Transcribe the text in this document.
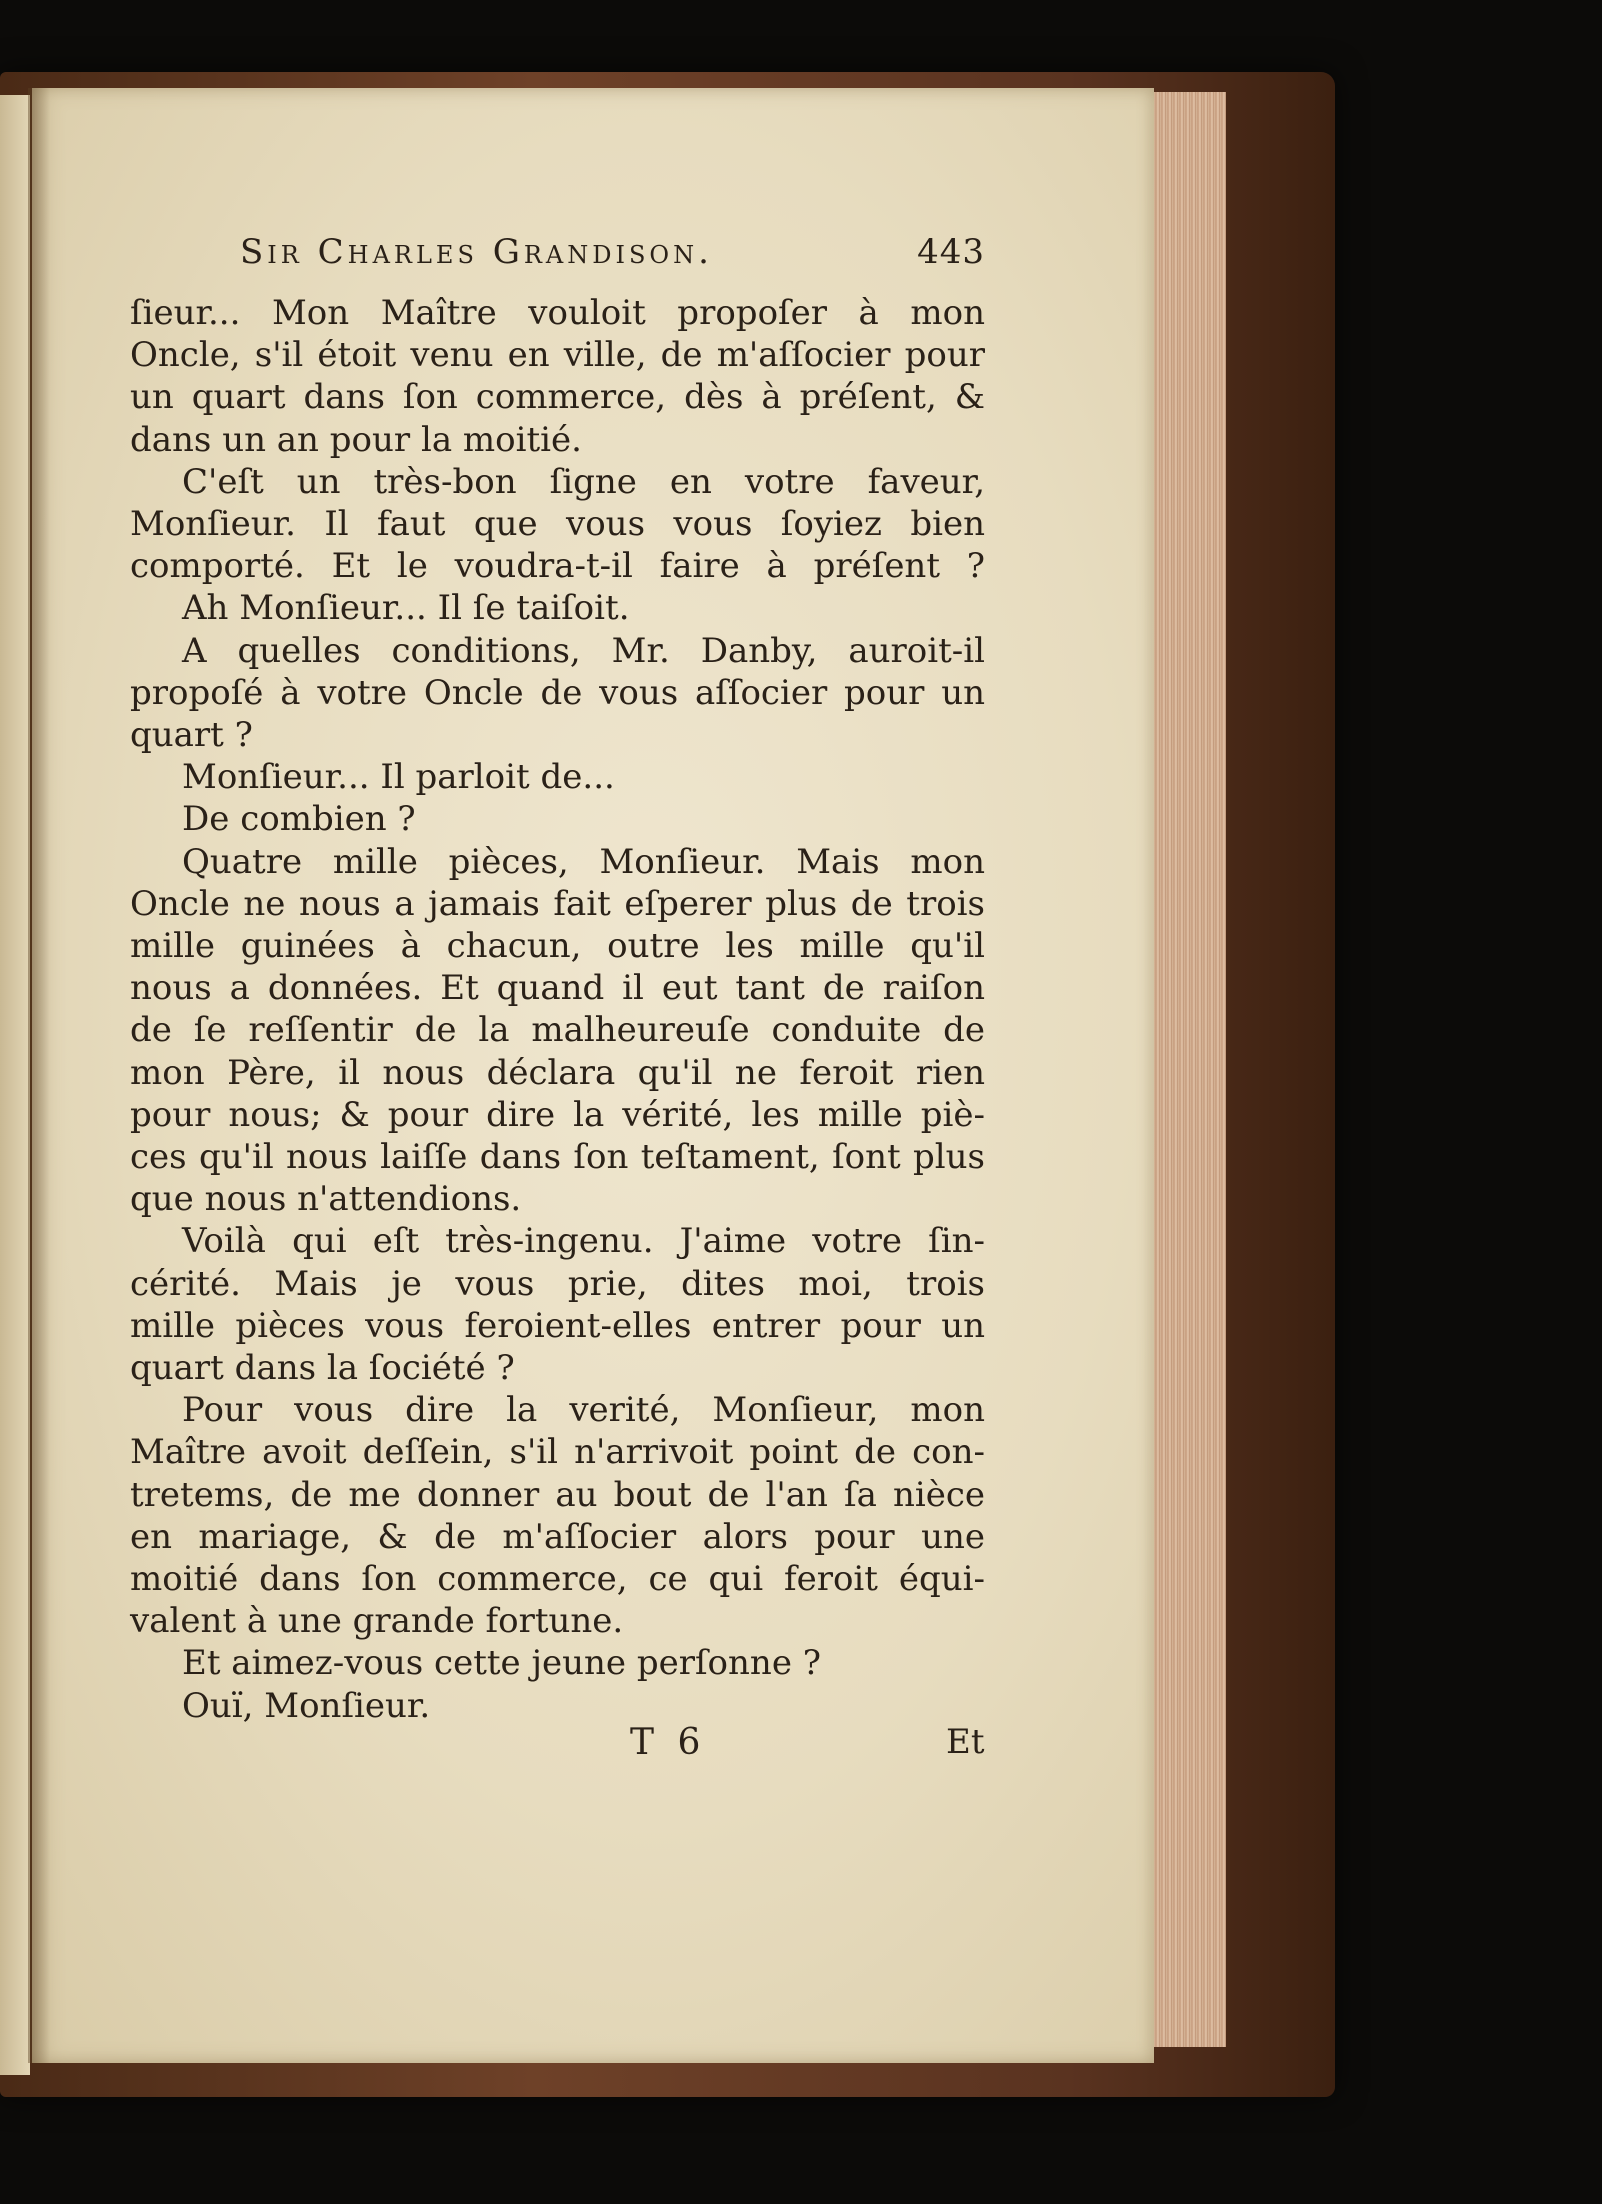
Sir Charles Grandison.	443
ſieur... Mon Maître vouloit propoſer à mon
Oncle, s'il étoit venu en ville, de m'aſſocier pour
un quart dans ſon commerce, dès à préſent, &
dans un an pour la moitié.
C'eſt un très-bon ſigne en votre faveur,
Monſieur. Il faut que vous vous ſoyiez bien
comporté. Et le voudra-t-il faire à préſent ?
Ah Monſieur... Il ſe taiſoit.
A quelles conditions, Mr. Danby, auroit-il
propoſé à votre Oncle de vous aſſocier pour un
quart ?
Monſieur... Il parloit de...
De combien ?
Quatre mille pièces, Monſieur. Mais mon
Oncle ne nous a jamais fait eſperer plus de trois
mille guinées à chacun, outre les mille qu'il
nous a données. Et quand il eut tant de raiſon
de ſe reſſentir de la malheureuſe conduite de
mon Père, il nous déclara qu'il ne feroit rien
pour nous; & pour dire la vérité, les mille piè-
ces qu'il nous laiſſe dans ſon teſtament, ſont plus
que nous n'attendions.
Voilà qui eſt très-ingenu. J'aime votre ſin-
cérité. Mais je vous prie, dites moi, trois
mille pièces vous feroient-elles entrer pour un
quart dans la ſociété ?
Pour vous dire la verité, Monſieur, mon
Maître avoit deſſein, s'il n'arrivoit point de con-
tretems, de me donner au bout de l'an ſa nièce
en mariage, & de m'aſſocier alors pour une
moitié dans ſon commerce, ce qui feroit équi-
valent à une grande fortune.
Et aimez-vous cette jeune perſonne ?
Ouï, Monſieur.
T 6	Et
